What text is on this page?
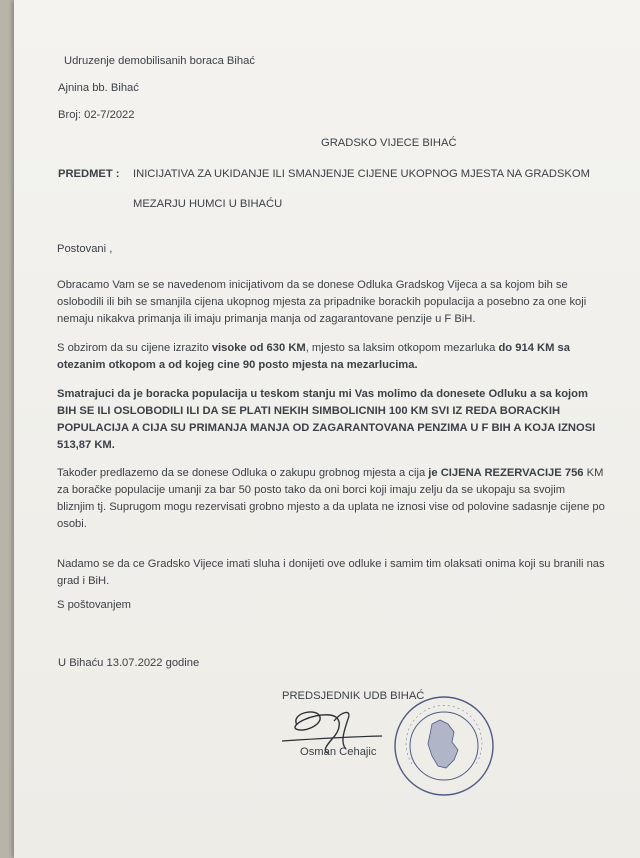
Udruzenje demobilisanih boraca Bihać
Ajnina bb. Bihać
Broj: 02-7/2022
GRADSKO VIJECE BIHAĆ
PREDMET : INICIJATIVA ZA UKIDANJE ILI SMANJENJE CIJENE UKOPNOG MJESTA NA GRADSKOM
MEZARJU HUMCI U BIHAĆU
Postovani ,
Obracamo Vam se se navedenom inicijativom da se donese Odluka Gradskog Vijeca a sa kojom bih se oslobodili ili bih se smanjila cijena ukopnog mjesta za pripadnike borackih populacija a posebno za one koji nemaju nikakva primanja ili imaju primanja manja od zagarantovane penzije u F BiH.
S obzirom da su cijene izrazito visoke od 630 KM, mjesto sa laksim otkopom mezarluka do 914 KM sa otezanim otkopom a od kojeg cine 90 posto mjesta na mezarlucima.
Smatrajuci da je boracka populacija u teskom stanju mi Vas molimo da donesete Odluku a sa kojom BIH SE ILI OSLOBODILI ILI DA SE PLATI NEKIH SIMBOLICNIH 100 KM SVI IZ REDA BORACKIH POPULACIJA A CIJA SU PRIMANJA MANJA OD ZAGARANTOVANA PENZIMA U F BIH A KOJA IZNOSI 513,87 KM.
Također predlazemo da se donese Odluka o zakupu grobnog mjesta a cija je CIJENA REZERVACIJE 756 KM za boračke populacije umanji za bar 50 posto tako da oni borci koji imaju zelju da se ukopaju sa svojim bliznjim tj. Suprugom mogu rezervisati grobno mjesto a da uplata ne iznosi vise od polovine sadasnje cijene po osobi.
Nadamo se da ce Gradsko Vijece imati sluha i donijeti ove odluke i samim tim olaksati onima koji su branili nas grad i BiH.
S poštovanjem
U Bihaću 13.07.2022 godine
PREDSJEDNIK UDB BIHAĆ
Osman Cehajic
